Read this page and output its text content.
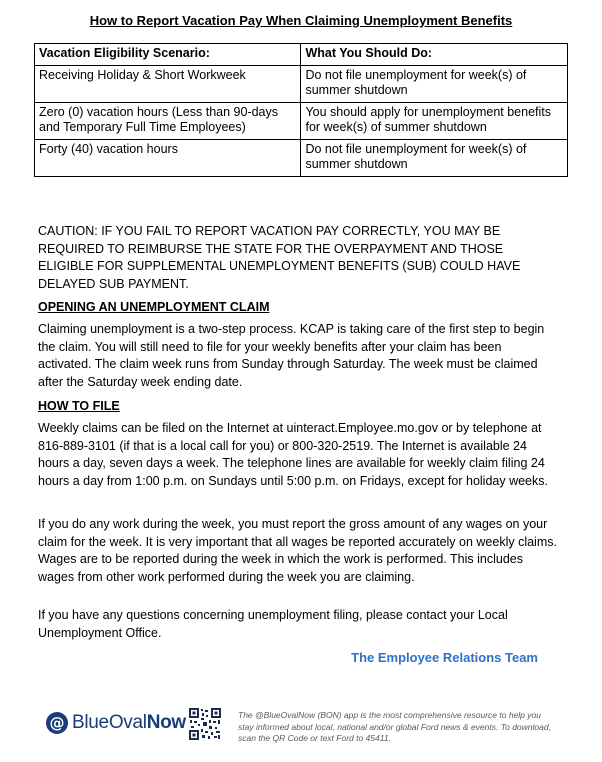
How to Report Vacation Pay When Claiming Unemployment Benefits
Vacation Eligibility Scenario:	What You Should Do:
Receiving Holiday & Short Workweek	Do not file unemployment for week(s) of summer shutdown
Zero (0) vacation hours (Less than 90-days and Temporary Full Time Employees)	You should apply for unemployment benefits for week(s) of summer shutdown
Forty (40) vacation hours	Do not file unemployment for week(s) of summer shutdown
CAUTION: IF YOU FAIL TO REPORT VACATION PAY CORRECTLY, YOU MAY BE REQUIRED TO REIMBURSE THE STATE FOR THE OVERPAYMENT AND THOSE ELIGIBLE FOR SUPPLEMENTAL UNEMPLOYMENT BENEFITS (SUB) COULD HAVE DELAYED SUB PAYMENT.
OPENING AN UNEMPLOYMENT CLAIM
Claiming unemployment is a two-step process. KCAP is taking care of the first step to begin the claim. You will still need to file for your weekly benefits after your claim has been activated. The claim week runs from Sunday through Saturday. The week must be claimed after the Saturday week ending date.
HOW TO FILE
Weekly claims can be filed on the Internet at uinteract.Employee.mo.gov or by telephone at 816-889-3101 (if that is a local call for you) or 800-320-2519. The Internet is available 24 hours a day, seven days a week. The telephone lines are available for weekly claim filing 24 hours a day from 1:00 p.m. on Sundays until 5:00 p.m. on Fridays, except for holiday weeks.
If you do any work during the week, you must report the gross amount of any wages on your claim for the week. It is very important that all wages be reported accurately on weekly claims. Wages are to be reported during the week in which the work is performed. This includes wages from other work performed during the week you are claiming.
If you have any questions concerning unemployment filing, please contact your Local Unemployment Office.
The Employee Relations Team
@ BlueOvalNow	The @BlueOvalNow (BON) app is the most comprehensive resource to help you stay informed about local, national and/or global Ford news & events. To download, scan the QR Code or text Ford to 45411.
